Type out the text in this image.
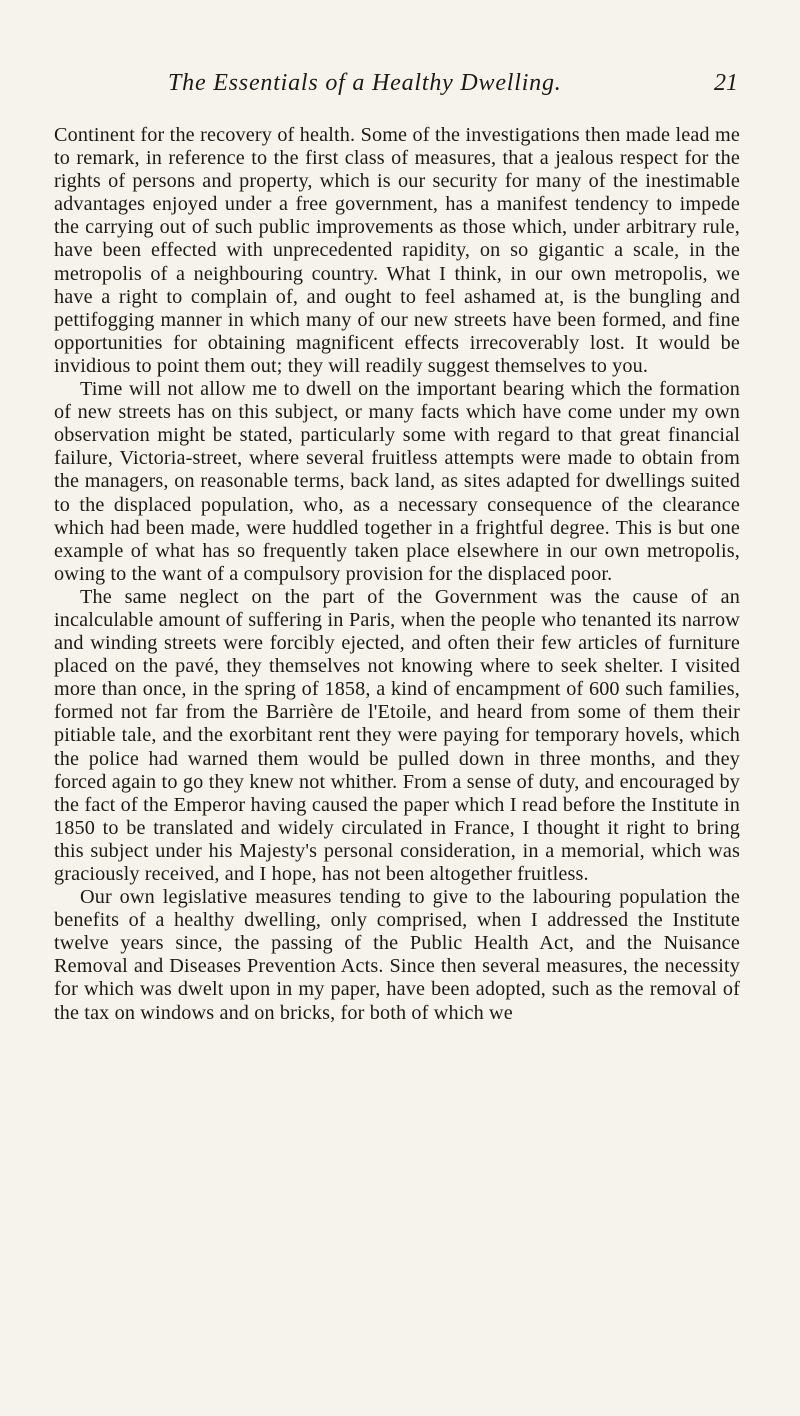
The Essentials of a Healthy Dwelling.	21

Continent for the recovery of health. Some of the investigations then made lead me to remark, in reference to the first class of measures, that a jealous respect for the rights of persons and property, which is our security for many of the inestimable advantages enjoyed under a free government, has a manifest tendency to impede the carrying out of such public improvements as those which, under arbitrary rule, have been effected with unprecedented rapidity, on so gigantic a scale, in the metropolis of a neighbouring country. What I think, in our own metropolis, we have a right to complain of, and ought to feel ashamed at, is the bungling and pettifogging manner in which many of our new streets have been formed, and fine opportunities for obtaining magnificent effects irrecoverably lost. It would be invidious to point them out; they will readily suggest themselves to you.

Time will not allow me to dwell on the important bearing which the formation of new streets has on this subject, or many facts which have come under my own observation might be stated, particularly some with regard to that great financial failure, Victoria-street, where several fruitless attempts were made to obtain from the managers, on reasonable terms, back land, as sites adapted for dwellings suited to the displaced population, who, as a necessary consequence of the clearance which had been made, were huddled together in a frightful degree. This is but one example of what has so frequently taken place elsewhere in our own metropolis, owing to the want of a compulsory provision for the displaced poor.

The same neglect on the part of the Government was the cause of an incalculable amount of suffering in Paris, when the people who tenanted its narrow and winding streets were forcibly ejected, and often their few articles of furniture placed on the pavé, they themselves not knowing where to seek shelter. I visited more than once, in the spring of 1858, a kind of encampment of 600 such families, formed not far from the Barrière de l'Etoile, and heard from some of them their pitiable tale, and the exorbitant rent they were paying for temporary hovels, which the police had warned them would be pulled down in three months, and they forced again to go they knew not whither. From a sense of duty, and encouraged by the fact of the Emperor having caused the paper which I read before the Institute in 1850 to be translated and widely circulated in France, I thought it right to bring this subject under his Majesty's personal consideration, in a memorial, which was graciously received, and I hope, has not been altogether fruitless.

Our own legislative measures tending to give to the labouring population the benefits of a healthy dwelling, only comprised, when I addressed the Institute twelve years since, the passing of the Public Health Act, and the Nuisance Removal and Diseases Prevention Acts. Since then several measures, the necessity for which was dwelt upon in my paper, have been adopted, such as the removal of the tax on windows and on bricks, for both of which we
